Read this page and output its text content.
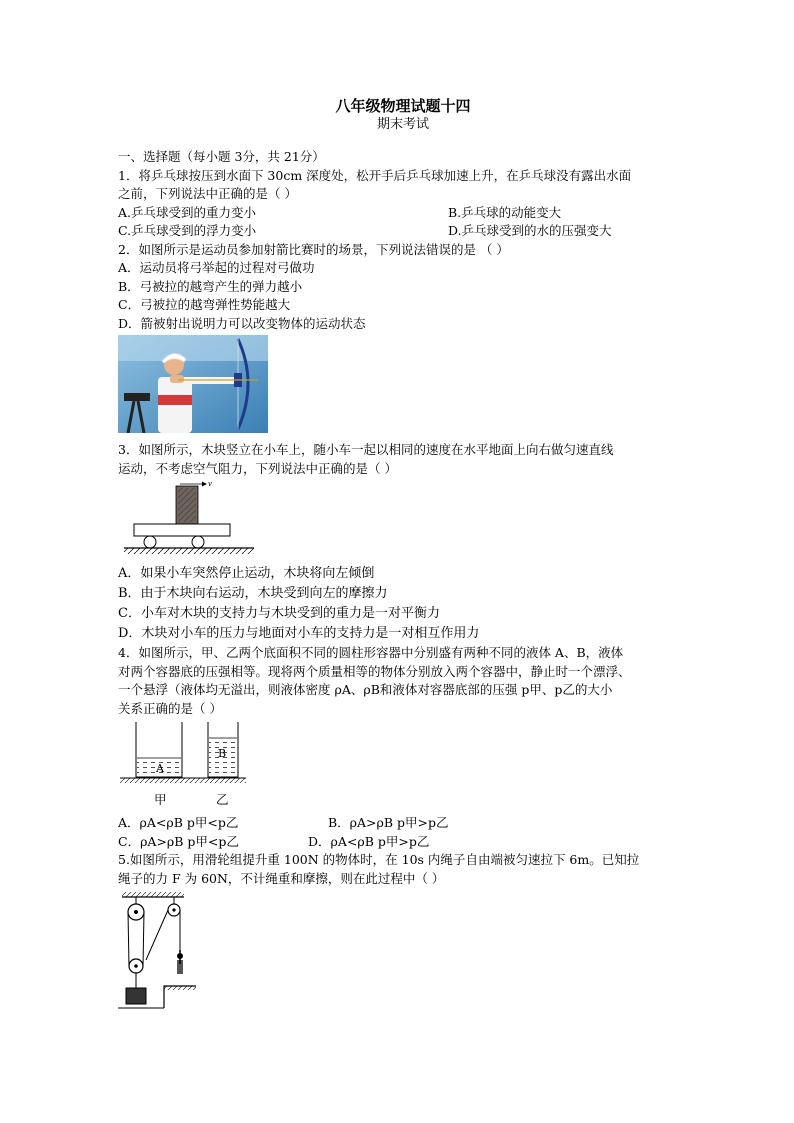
八年级物理试题十四
期末考试
一、选择题（每小题 3分，共 21分）
1．将乒乓球按压到水面下 30cm 深度处，松开手后乒乓球加速上升，在乒乓球没有露出水面
之前，下列说法中正确的是（ ）
A.乒乓球受到的重力变小	B.乒乓球的动能变大
C.乒乓球受到的浮力变小	D.乒乓球受到的水的压强变大
2．如图所示是运动员参加射箭比赛时的场景，下列说法错误的是 （ ）
A．运动员将弓举起的过程对弓做功
B．弓被拉的越弯产生的弹力越小
C．弓被拉的越弯弹性势能越大
D．箭被射出说明力可以改变物体的运动状态
3．如图所示，木块竖立在小车上，随小车一起以相同的速度在水平地面上向右做匀速直线
运动，不考虑空气阻力，下列说法中正确的是（ ）
v
A．如果小车突然停止运动，木块将向左倾倒
B．由于木块向右运动，木块受到向左的摩擦力
C．小车对木块的支持力与木块受到的重力是一对平衡力
D．木块对小车的压力与地面对小车的支持力是一对相互作用力
4．如图所示，甲、乙两个底面积不同的圆柱形容器中分别盛有两种不同的液体 A、B，液体
对两个容器底的压强相等。现将两个质量相等的物体分别放入两个容器中，静止时一个漂浮、
一个悬浮（液体均无溢出，则液体密度 ρA、ρB和液体对容器底部的压强 p甲、p乙的大小
关系正确的是（ ）
A
B
甲	乙
A．ρA<ρB p甲<p乙	B．ρA>ρB p甲>p乙
C．ρA>ρB p甲<p乙	D．ρA<ρB p甲>p乙
5.如图所示，用滑轮组提升重 100N 的物体时，在 10s 内绳子自由端被匀速拉下 6m。已知拉
绳子的力 F 为 60N，不计绳重和摩擦，则在此过程中（ ）
